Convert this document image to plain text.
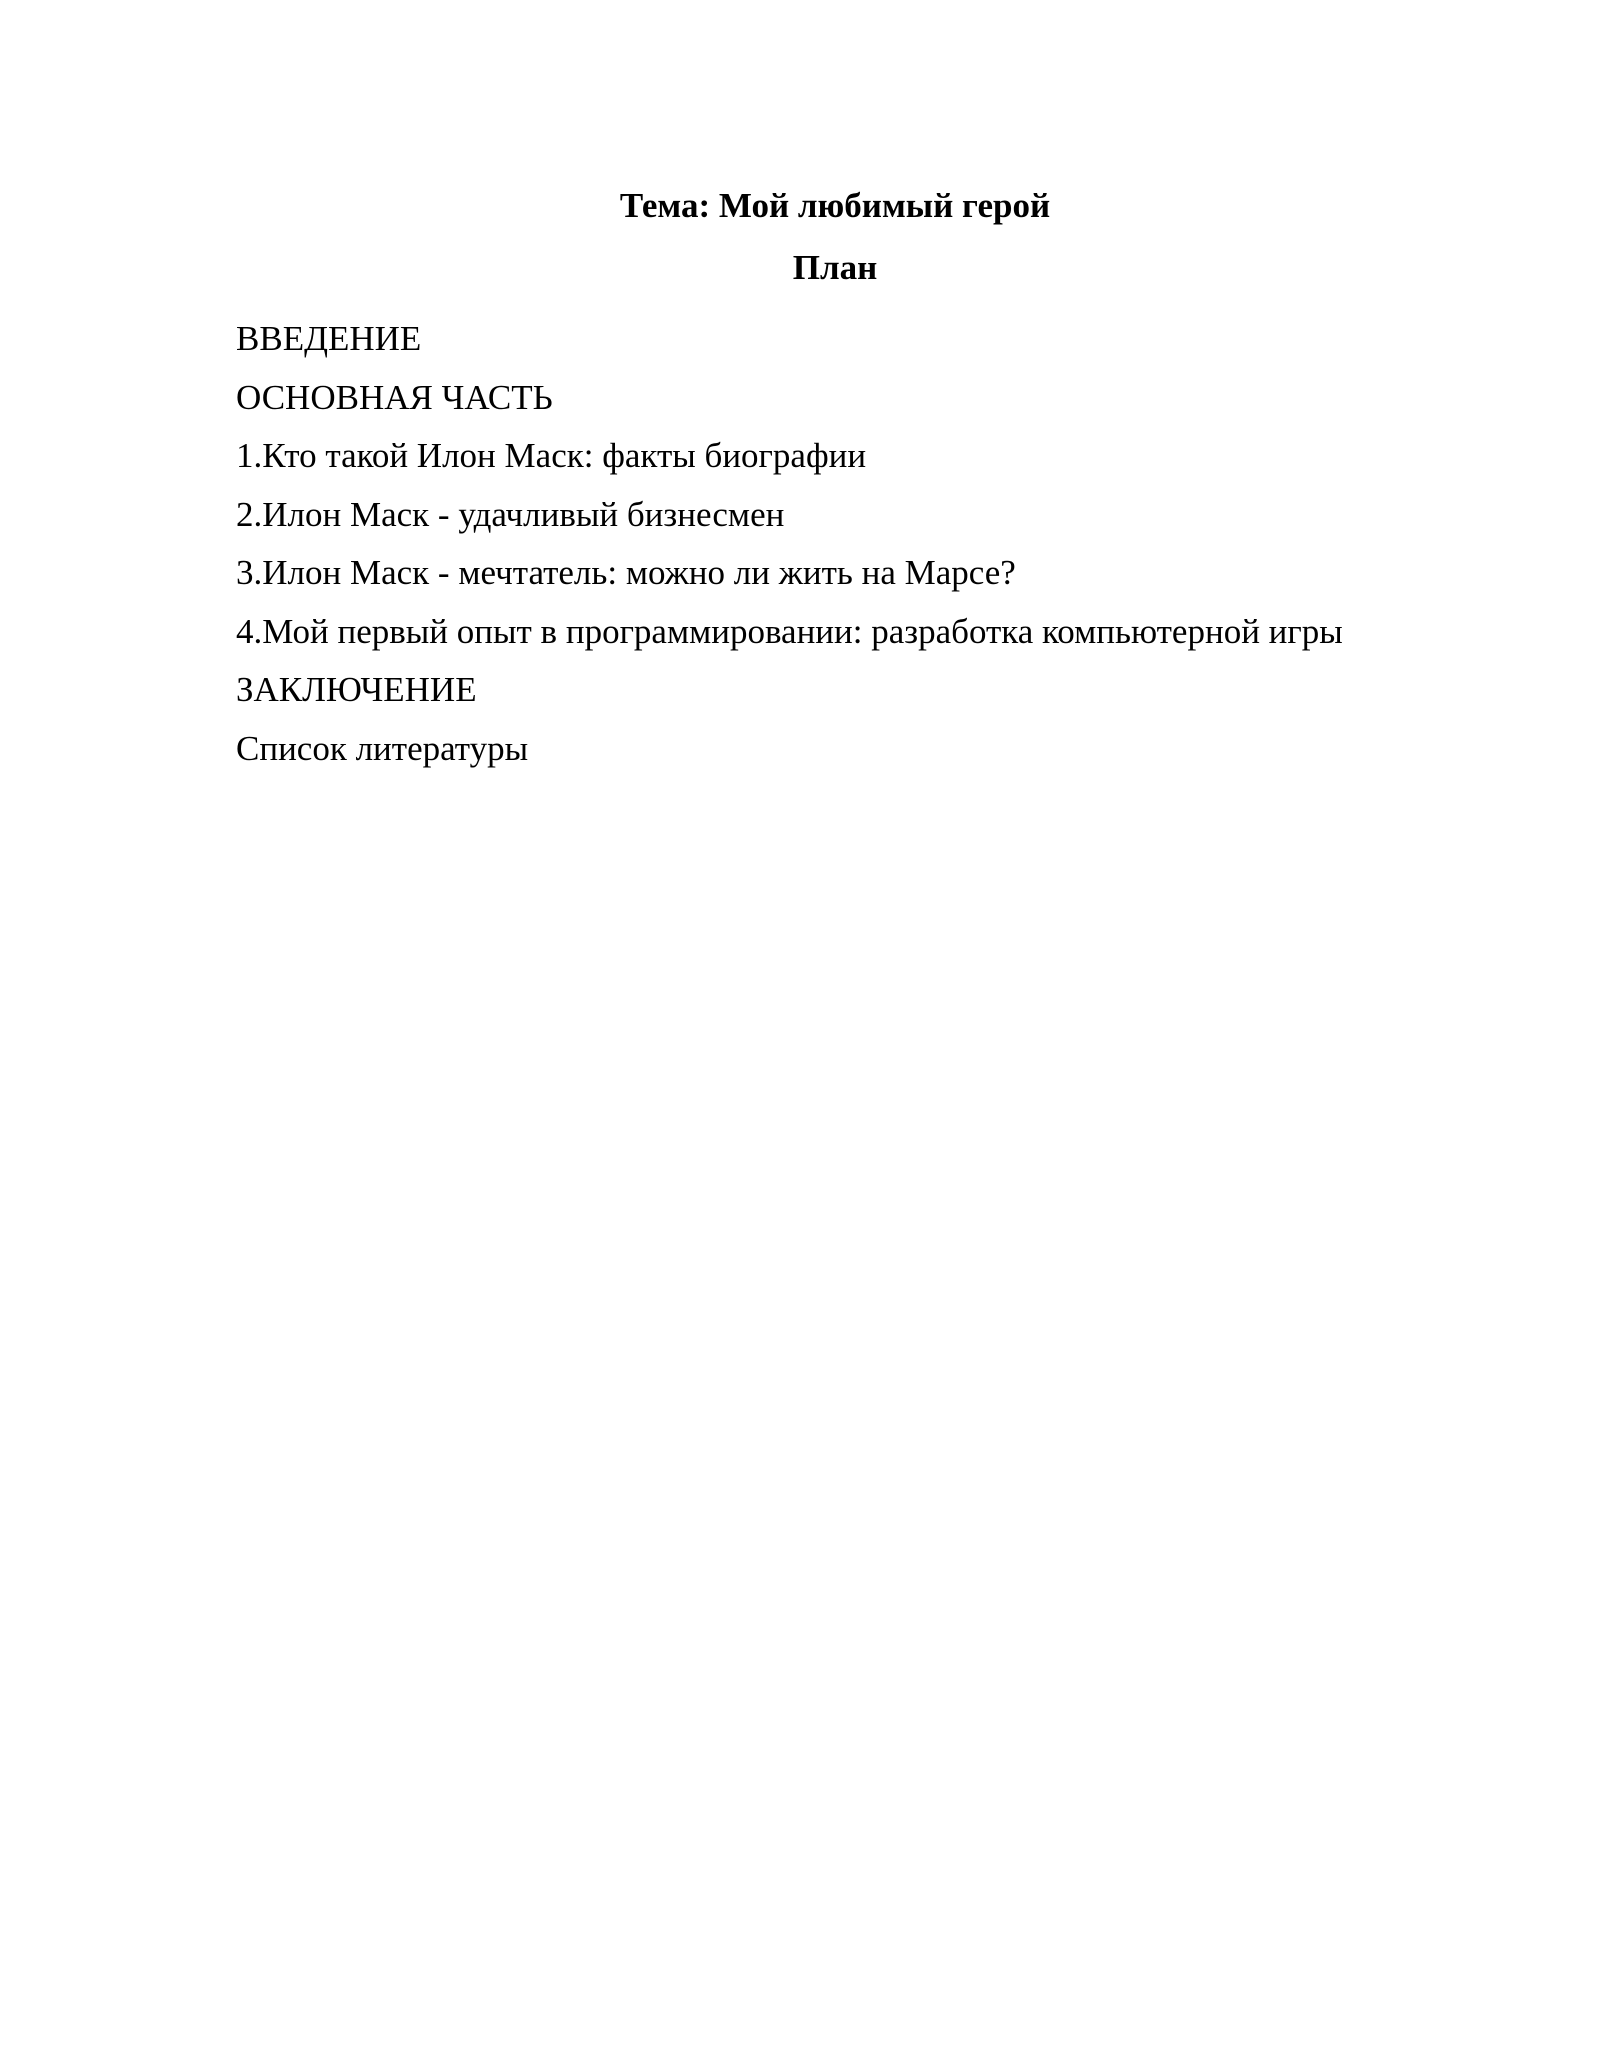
Тема: Мой любимый герой
План
ВВЕДЕНИЕ
ОСНОВНАЯ ЧАСТЬ
1.Кто такой Илон Маск: факты биографии
2.Илон Маск - удачливый бизнесмен
3.Илон Маск - мечтатель: можно ли жить на Марсе?
4.Мой первый опыт в программировании: разработка компьютерной игры
ЗАКЛЮЧЕНИЕ
Список литературы
